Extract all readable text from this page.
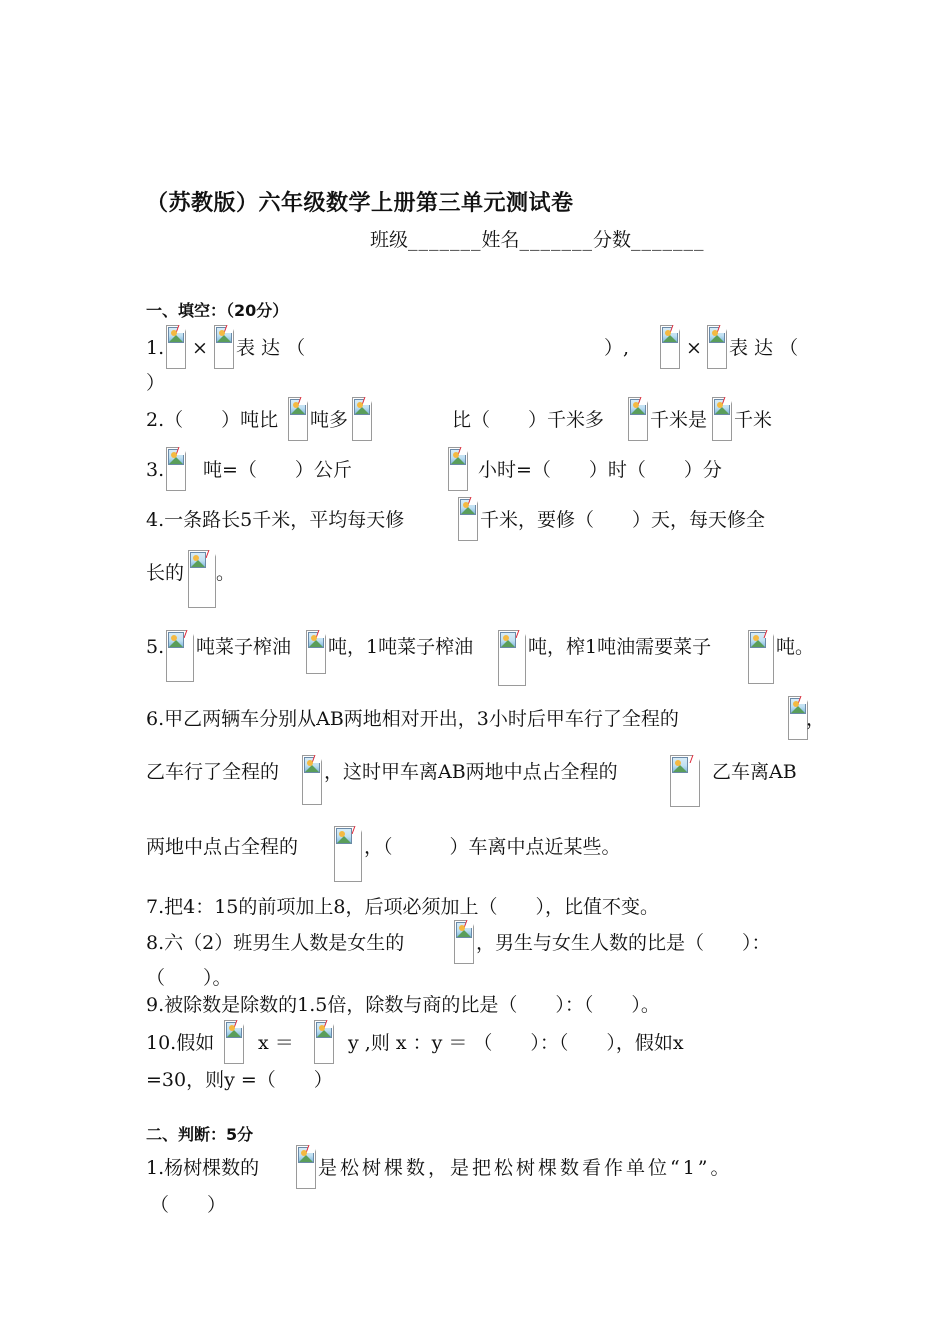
（苏教版）六年级数学上册第三单元测试卷
班级_______姓名_______分数_______
一、填空：（20分）
1. × 表 达 （	）,	× 表 达 （
）
2.（　　）吨比 吨多	比（　　）千米多 千米是 千米
3. 吨=（　　）公斤	小时=（　　）时（　　）分
4.一条路长5千米，平均每天修	千米，要修（　　）天，每天修全
长的 。
5. 吨菜子榨油 吨，1吨菜子榨油	吨，榨1吨油需要菜子	吨。
6.甲乙两辆车分别从AB两地相对开出，3小时后甲车行了全程的	，
乙车行了全程的 ，这时甲车离AB两地中点占全程的	乙车离AB
两地中点占全程的	，（　　　）车离中点近某些。
7.把4：15的前项加上8，后项必须加上（　　），比值不变。
8.六（2）班男生人数是女生的	，男生与女生人数的比是（　　）：
（　　）。
9.被除数是除数的1.5倍，除数与商的比是（　　）：（　　）。
10.假如 x ＝	y ,则 x ：y ＝ （　　）：（　　），假如x
=30，则y =（　　）
二、判断：5分
1.杨树棵数的	是松树棵数，是把松树棵数看作单位“1”。
（　　）
